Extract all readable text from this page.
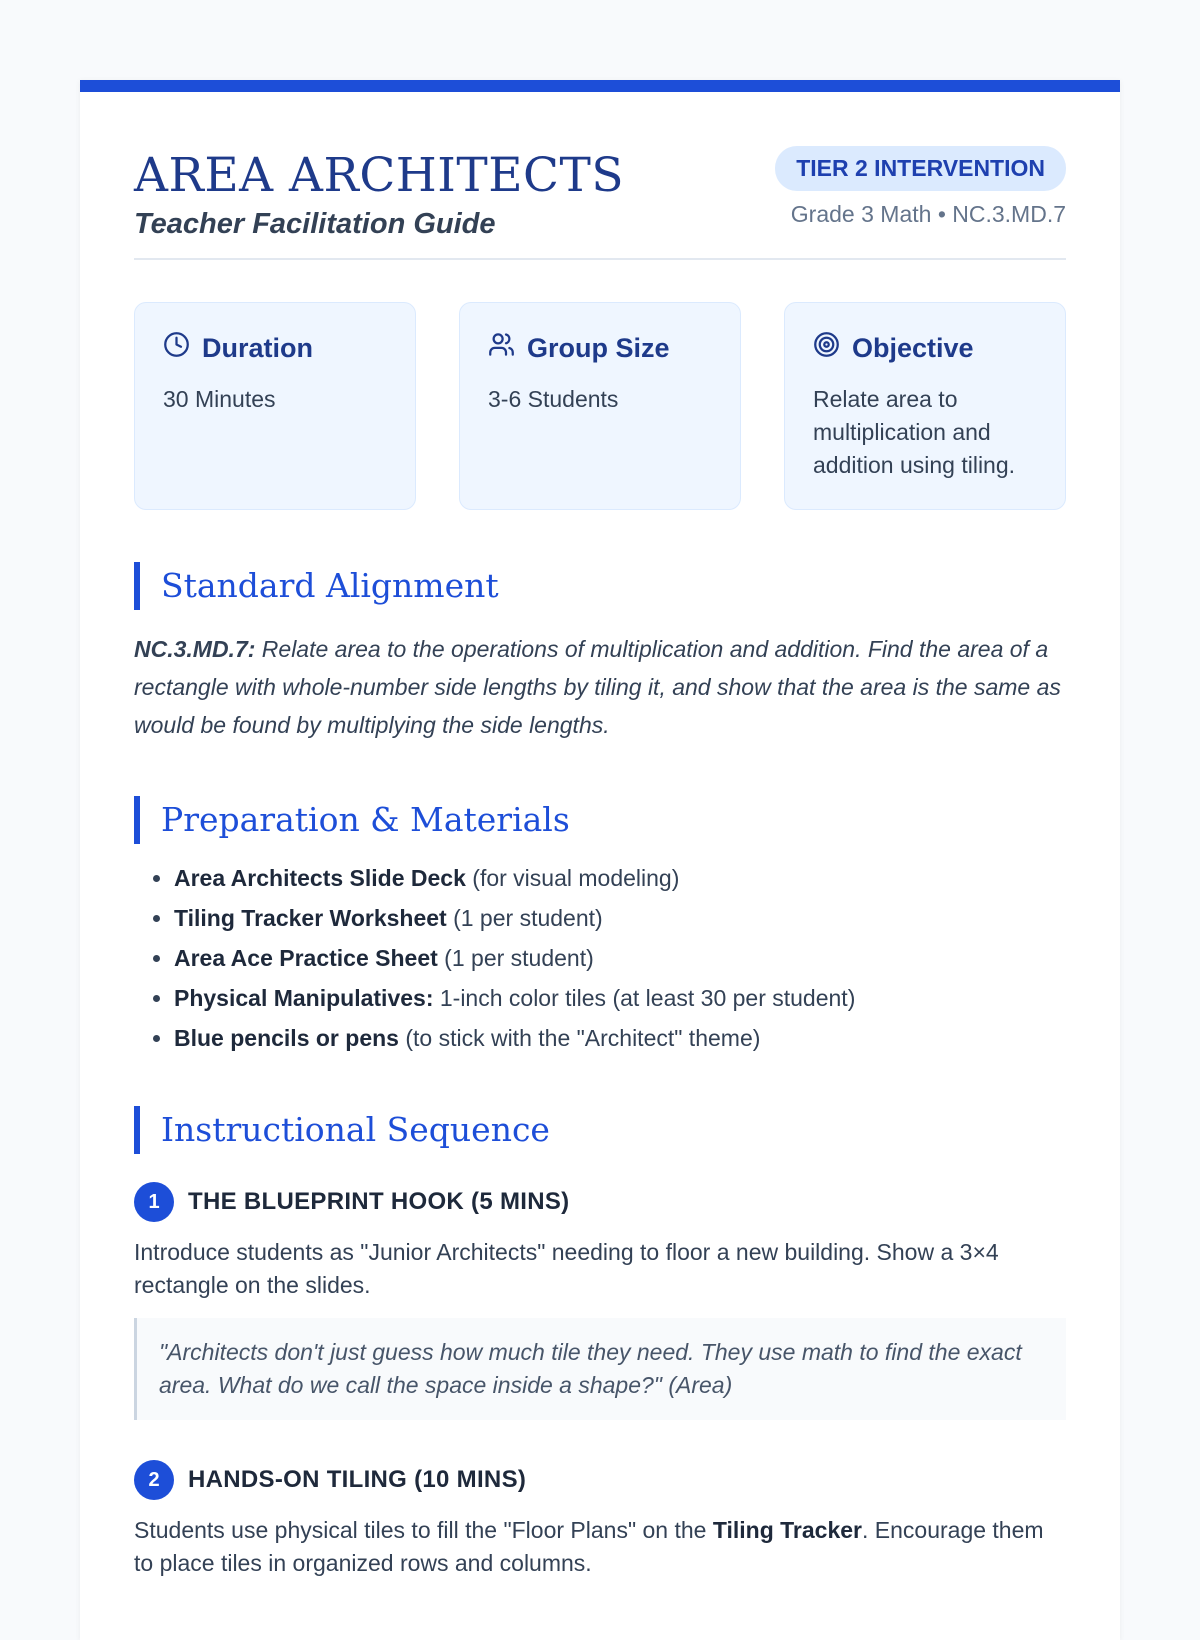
AREA ARCHITECTS
Teacher Facilitation Guide
TIER 2 INTERVENTION
Grade 3 Math • NC.3.MD.7
Duration
30 Minutes
Group Size
3-6 Students
Objective
Relate area to multiplication and addition using tiling.
Standard Alignment
NC.3.MD.7: Relate area to the operations of multiplication and addition. Find the area of a rectangle with whole-number side lengths by tiling it, and show that the area is the same as would be found by multiplying the side lengths.
Preparation & Materials
• Area Architects Slide Deck (for visual modeling)
• Tiling Tracker Worksheet (1 per student)
• Area Ace Practice Sheet (1 per student)
• Physical Manipulatives: 1-inch color tiles (at least 30 per student)
• Blue pencils or pens (to stick with the "Architect" theme)
Instructional Sequence
1	THE BLUEPRINT HOOK (5 MINS)
Introduce students as "Junior Architects" needing to floor a new building. Show a 3×4 rectangle on the slides.
"Architects don't just guess how much tile they need. They use math to find the exact area. What do we call the space inside a shape?" (Area)
2	HANDS-ON TILING (10 MINS)
Students use physical tiles to fill the "Floor Plans" on the Tiling Tracker. Encourage them to place tiles in organized rows and columns.
